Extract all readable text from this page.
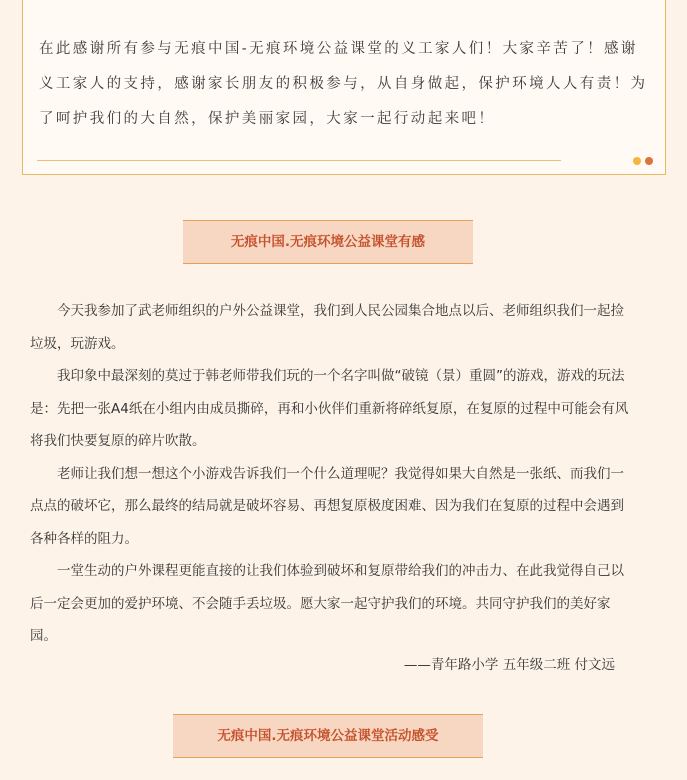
在此感谢所有参与无痕中国-无痕环境公益课堂的义工家人们！大家辛苦了！感谢义工家人的支持，感谢家长朋友的积极参与，从自身做起，保护环境人人有责！为了呵护我们的大自然，保护美丽家园，大家一起行动起来吧！
无痕中国.无痕环境公益课堂有感

今天我参加了武老师组织的户外公益课堂，我们到人民公园集合地点以后、老师组织我们一起捡垃圾，玩游戏。

我印象中最深刻的莫过于韩老师带我们玩的一个名字叫做“破镜（景）重圆”的游戏，游戏的玩法是：先把一张A4纸在小组内由成员撕碎，再和小伙伴们重新将碎纸复原，在复原的过程中可能会有风将我们快要复原的碎片吹散。

老师让我们想一想这个小游戏告诉我们一个什么道理呢？我觉得如果大自然是一张纸、而我们一点点的破坏它，那么最终的结局就是破坏容易、再想复原极度困难、因为我们在复原的过程中会遇到各种各样的阻力。

一堂生动的户外课程更能直接的让我们体验到破坏和复原带给我们的冲击力、在此我觉得自己以后一定会更加的爱护环境、不会随手丢垃圾。愿大家一起守护我们的环境。共同守护我们的美好家园。

——青年路小学 五年级二班 付文远
无痕中国.无痕环境公益课堂活动感受
